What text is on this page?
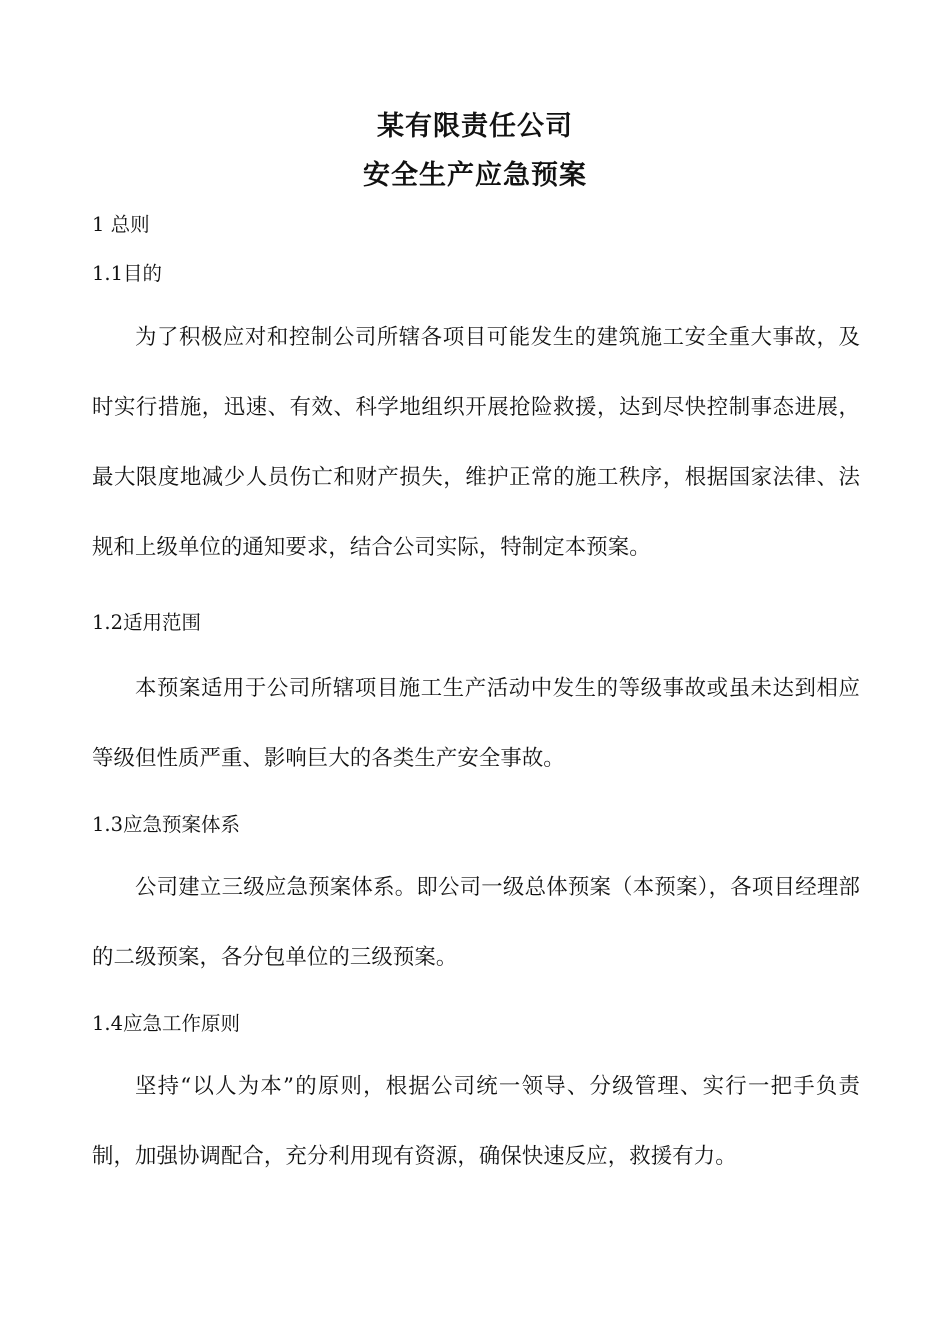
某有限责任公司
安全生产应急预案

1 总则

1.1目的

为了积极应对和控制公司所辖各项目可能发生的建筑施工安全重大事故，及时实行措施，迅速、有效、科学地组织开展抢险救援，达到尽快控制事态进展，最大限度地减少人员伤亡和财产损失，维护正常的施工秩序，根据国家法律、法规和上级单位的通知要求，结合公司实际，特制定本预案。

1.2适用范围

本预案适用于公司所辖项目施工生产活动中发生的等级事故或虽未达到相应等级但性质严重、影响巨大的各类生产安全事故。

1.3应急预案体系

公司建立三级应急预案体系。即公司一级总体预案（本预案），各项目经理部的二级预案，各分包单位的三级预案。

1.4应急工作原则

坚持“以人为本”的原则，根据公司统一领导、分级管理、实行一把手负责制，加强协调配合，充分利用现有资源，确保快速反应，救援有力。
